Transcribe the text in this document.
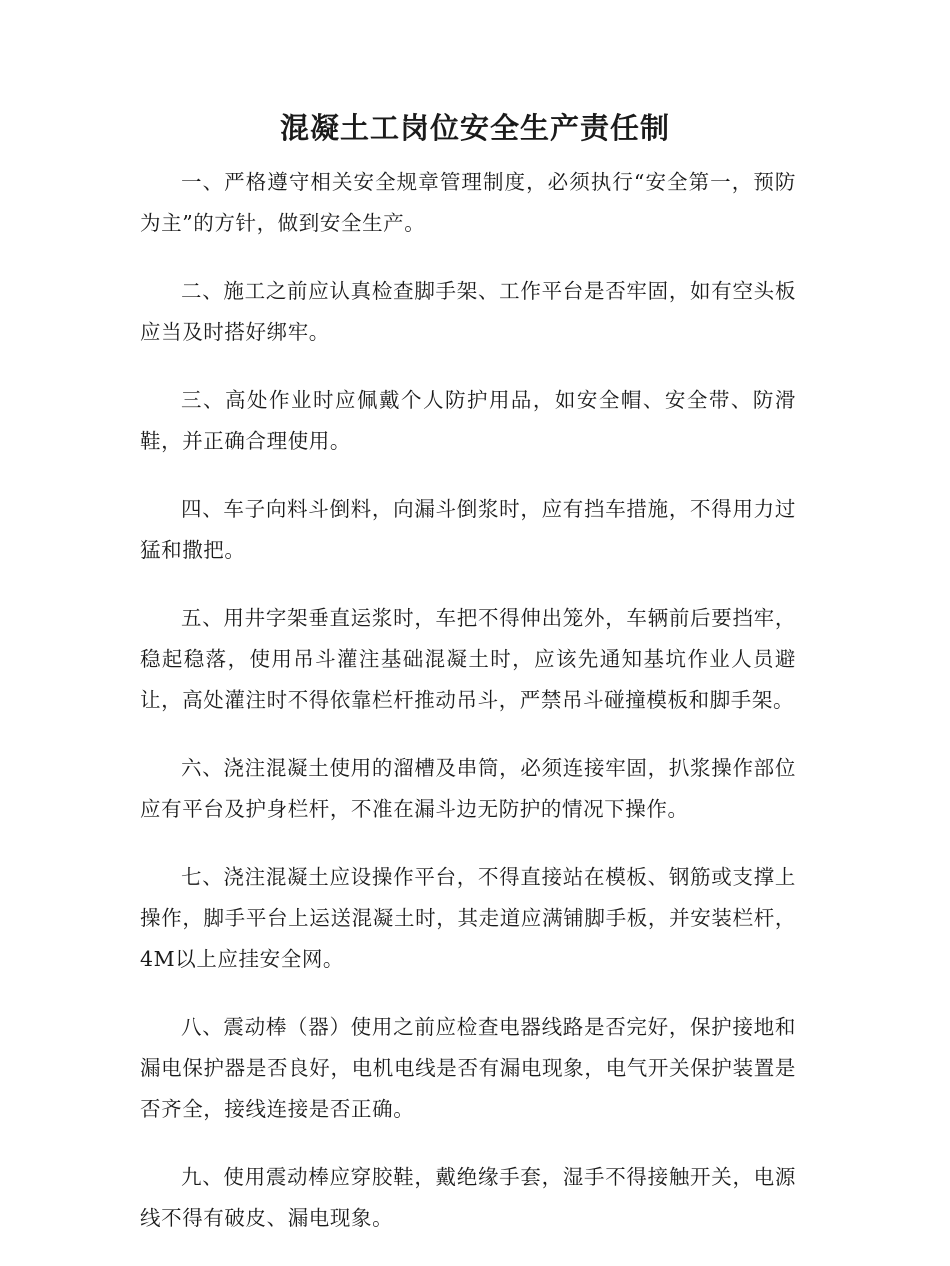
混凝土工岗位安全生产责任制

一、严格遵守相关安全规章管理制度，必须执行“安全第一，预防为主”的方针，做到安全生产。

二、施工之前应认真检查脚手架、工作平台是否牢固，如有空头板应当及时搭好绑牢。

三、高处作业时应佩戴个人防护用品，如安全帽、安全带、防滑鞋，并正确合理使用。

四、车子向料斗倒料，向漏斗倒浆时，应有挡车措施，不得用力过猛和撒把。

五、用井字架垂直运浆时，车把不得伸出笼外，车辆前后要挡牢，稳起稳落，使用吊斗灌注基础混凝土时，应该先通知基坑作业人员避让，高处灌注时不得依靠栏杆推动吊斗，严禁吊斗碰撞模板和脚手架。

六、浇注混凝土使用的溜槽及串筒，必须连接牢固，扒浆操作部位应有平台及护身栏杆，不准在漏斗边无防护的情况下操作。

七、浇注混凝土应设操作平台，不得直接站在模板、钢筋或支撑上操作，脚手平台上运送混凝土时，其走道应满铺脚手板，并安装栏杆，4M以上应挂安全网。

八、震动棒（器）使用之前应检查电器线路是否完好，保护接地和漏电保护器是否良好，电机电线是否有漏电现象，电气开关保护装置是否齐全，接线连接是否正确。

九、使用震动棒应穿胶鞋，戴绝缘手套，湿手不得接触开关，电源线不得有破皮、漏电现象。
